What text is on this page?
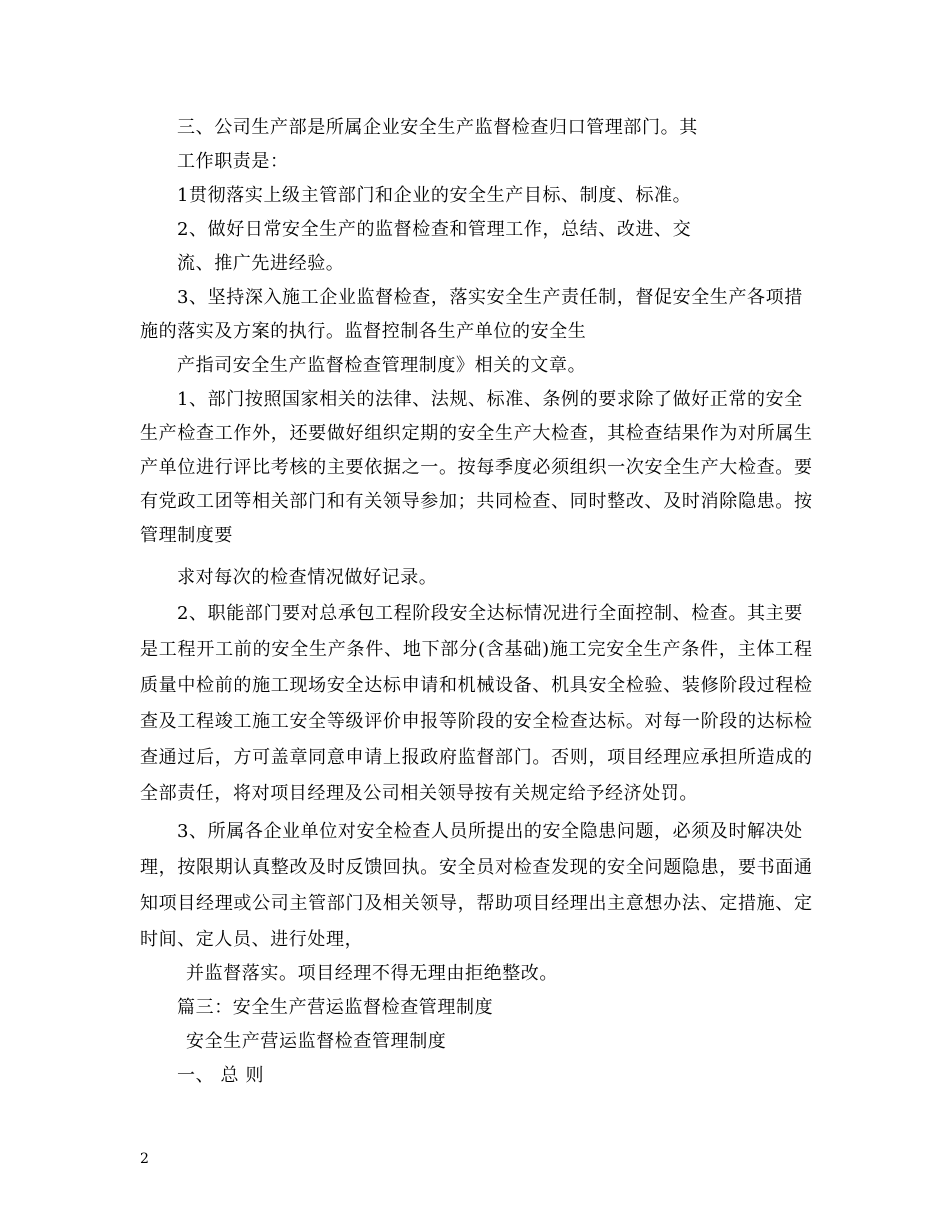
三、公司生产部是所属企业安全生产监督检查归口管理部门。其
工作职责是：
1贯彻落实上级主管部门和企业的安全生产目标、制度、标准。
2、做好日常安全生产的监督检查和管理工作，总结、改进、交
流、推广先进经验。
3、坚持深入施工企业监督检查，落实安全生产责任制，督促安全生产各项措
施的落实及方案的执行。监督控制各生产单位的安全生
产指司安全生产监督检查管理制度》相关的文章。
1、部门按照国家相关的法律、法规、标准、条例的要求除了做好正常的安全
生产检查工作外，还要做好组织定期的安全生产大检查，其检查结果作为对所属生
产单位进行评比考核的主要依据之一。按每季度必须组织一次安全生产大检查。要
有党政工团等相关部门和有关领导参加；共同检查、同时整改、及时消除隐患。按
管理制度要
求对每次的检查情况做好记录。
2、职能部门要对总承包工程阶段安全达标情况进行全面控制、检查。其主要
是工程开工前的安全生产条件、地下部分(含基础)施工完安全生产条件，主体工程
质量中检前的施工现场安全达标申请和机械设备、机具安全检验、装修阶段过程检
查及工程竣工施工安全等级评价申报等阶段的安全检查达标。对每一阶段的达标检
查通过后，方可盖章同意申请上报政府监督部门。否则，项目经理应承担所造成的
全部责任，将对项目经理及公司相关领导按有关规定给予经济处罚。
3、所属各企业单位对安全检查人员所提出的安全隐患问题，必须及时解决处
理，按限期认真整改及时反馈回执。安全员对检查发现的安全问题隐患，要书面通
知项目经理或公司主管部门及相关领导，帮助项目经理出主意想办法、定措施、定
时间、定人员、进行处理，
并监督落实。项目经理不得无理由拒绝整改。
篇三：安全生产营运监督检查管理制度
安全生产营运监督检查管理制度
一、 总 则
2
